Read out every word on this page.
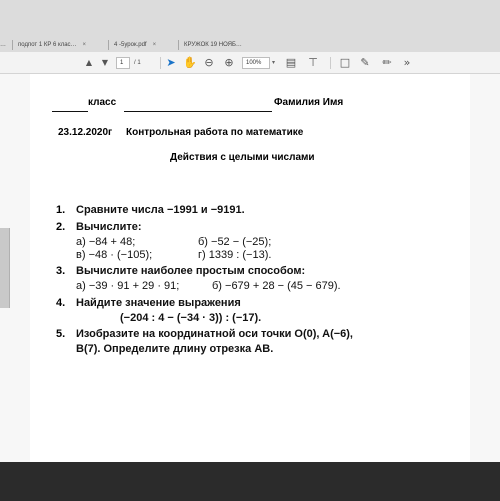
…	подпот 1 КР 6 клас… ×	4 -5урок.pdf ×	КРУЖОК 19 НОЯБ…
▲	▼	1	/ 1 ➤ ✋ ⊖ ⊕	100%	▾ ▤ ⊤ □ ✎ ✏	»
класс	Фамилия Имя
23.12.2020г Контрольная работа по математике
Действия с целыми числами
1. Сравните числа −1991 и −9191.
2. Вычислите:
а) −84 + 48;	б) −52 − (−25);
в) −48 · (−105);	г) 1339 : (−13).
3. Вычислите наиболее простым способом:
а) −39 · 91 + 29 · 91;	б) −679 + 28 − (45 − 679).
4. Найдите значение выражения
(−204 : 4 − (−34 · 3)) : (−17).
5. Изобразите на координатной оси точки O(0), A(−6),
B(7). Определите длину отрезка AB.
